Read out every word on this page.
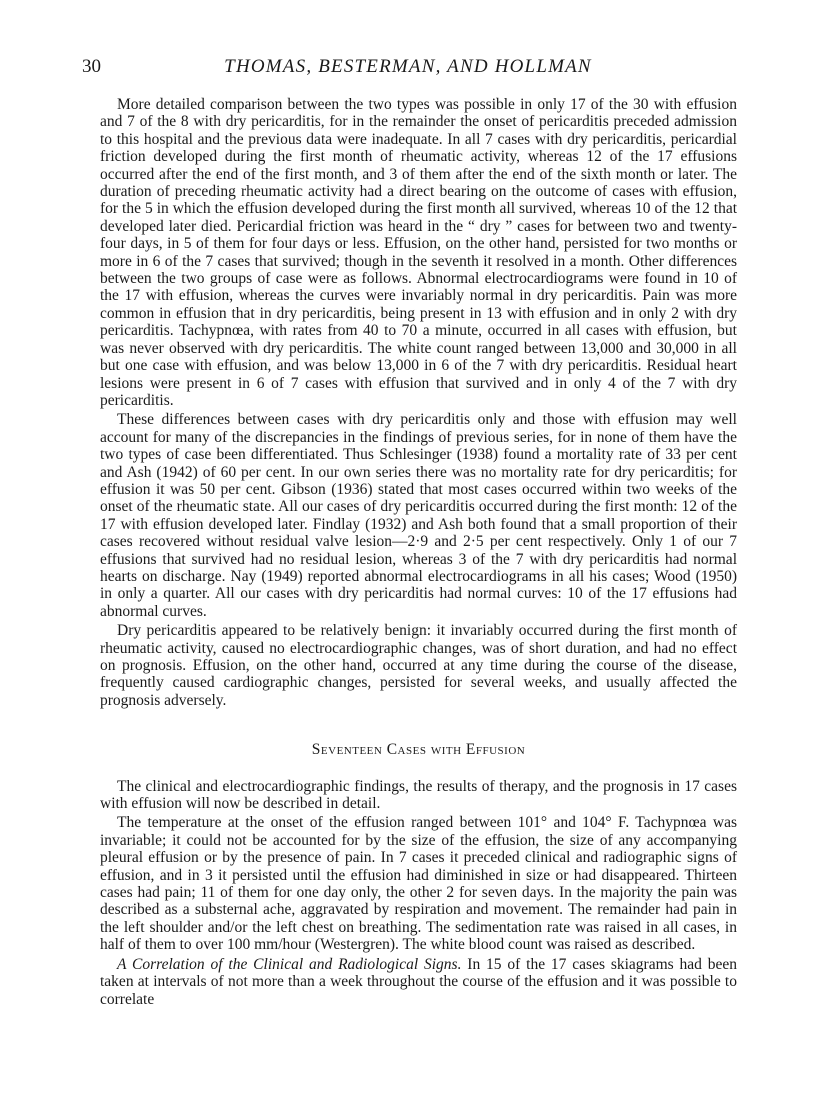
30	THOMAS, BESTERMAN, AND HOLLMAN

More detailed comparison between the two types was possible in only 17 of the 30 with effusion and 7 of the 8 with dry pericarditis, for in the remainder the onset of pericarditis preceded admission to this hospital and the previous data were inadequate. In all 7 cases with dry pericarditis, pericardial friction developed during the first month of rheumatic activity, whereas 12 of the 17 effusions occurred after the end of the first month, and 3 of them after the end of the sixth month or later. The duration of preceding rheumatic activity had a direct bearing on the outcome of cases with effusion, for the 5 in which the effusion developed during the first month all survived, whereas 10 of the 12 that developed later died. Pericardial friction was heard in the “ dry ” cases for between two and twenty-four days, in 5 of them for four days or less. Effusion, on the other hand, persisted for two months or more in 6 of the 7 cases that survived; though in the seventh it resolved in a month. Other differences between the two groups of case were as follows. Abnormal electrocardiograms were found in 10 of the 17 with effusion, whereas the curves were invariably normal in dry pericarditis. Pain was more common in effusion that in dry pericarditis, being present in 13 with effusion and in only 2 with dry pericarditis. Tachypnœa, with rates from 40 to 70 a minute, occurred in all cases with effusion, but was never observed with dry pericarditis. The white count ranged between 13,000 and 30,000 in all but one case with effusion, and was below 13,000 in 6 of the 7 with dry pericarditis. Residual heart lesions were present in 6 of 7 cases with effusion that survived and in only 4 of the 7 with dry pericarditis.

These differences between cases with dry pericarditis only and those with effusion may well account for many of the discrepancies in the findings of previous series, for in none of them have the two types of case been differentiated. Thus Schlesinger (1938) found a mortality rate of 33 per cent and Ash (1942) of 60 per cent. In our own series there was no mortality rate for dry pericarditis; for effusion it was 50 per cent. Gibson (1936) stated that most cases occurred within two weeks of the onset of the rheumatic state. All our cases of dry pericarditis occurred during the first month: 12 of the 17 with effusion developed later. Findlay (1932) and Ash both found that a small proportion of their cases recovered without residual valve lesion—2·9 and 2·5 per cent respectively. Only 1 of our 7 effusions that survived had no residual lesion, whereas 3 of the 7 with dry pericarditis had normal hearts on discharge. Nay (1949) reported abnormal electrocardiograms in all his cases; Wood (1950) in only a quarter. All our cases with dry pericarditis had normal curves: 10 of the 17 effusions had abnormal curves.

Dry pericarditis appeared to be relatively benign: it invariably occurred during the first month of rheumatic activity, caused no electrocardiographic changes, was of short duration, and had no effect on prognosis. Effusion, on the other hand, occurred at any time during the course of the disease, frequently caused cardiographic changes, persisted for several weeks, and usually affected the prognosis adversely.

Seventeen Cases with Effusion

The clinical and electrocardiographic findings, the results of therapy, and the prognosis in 17 cases with effusion will now be described in detail.

The temperature at the onset of the effusion ranged between 101° and 104° F. Tachypnœa was invariable; it could not be accounted for by the size of the effusion, the size of any accompanying pleural effusion or by the presence of pain. In 7 cases it preceded clinical and radiographic signs of effusion, and in 3 it persisted until the effusion had diminished in size or had disappeared. Thirteen cases had pain; 11 of them for one day only, the other 2 for seven days. In the majority the pain was described as a substernal ache, aggravated by respiration and movement. The remainder had pain in the left shoulder and/or the left chest on breathing. The sedimentation rate was raised in all cases, in half of them to over 100 mm/hour (Westergren). The white blood count was raised as described.

A Correlation of the Clinical and Radiological Signs. In 15 of the 17 cases skiagrams had been taken at intervals of not more than a week throughout the course of the effusion and it was possible to correlate
